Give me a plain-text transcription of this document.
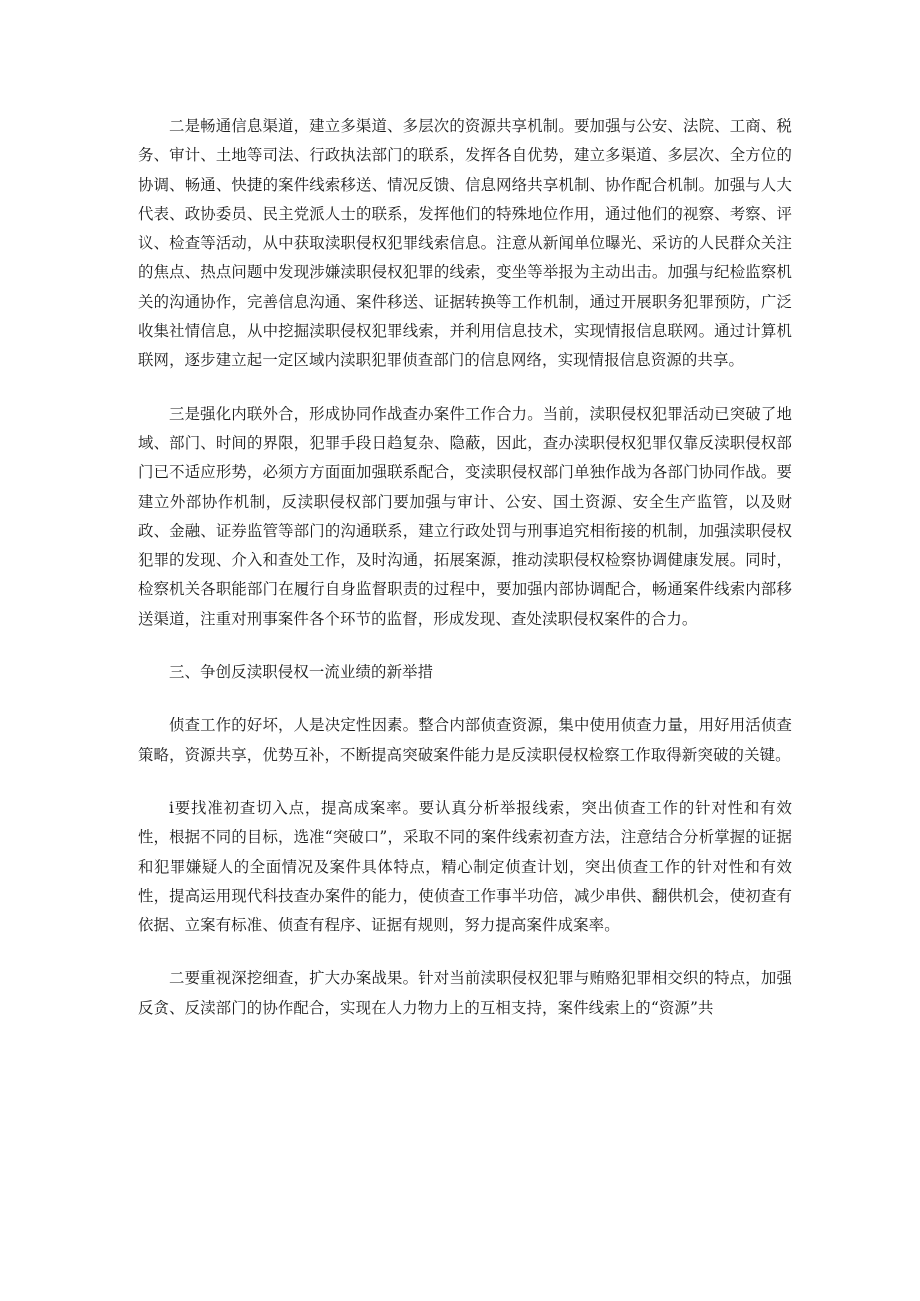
二是畅通信息渠道，建立多渠道、多层次的资源共享机制。要加强与公安、法院、工商、税务、审计、土地等司法、行政执法部门的联系，发挥各自优势，建立多渠道、多层次、全方位的协调、畅通、快捷的案件线索移送、情况反馈、信息网络共享机制、协作配合机制。加强与人大代表、政协委员、民主党派人士的联系，发挥他们的特殊地位作用，通过他们的视察、考察、评议、检查等活动，从中获取渎职侵权犯罪线索信息。注意从新闻单位曝光、采访的人民群众关注的焦点、热点问题中发现涉嫌渎职侵权犯罪的线索，变坐等举报为主动出击。加强与纪检监察机关的沟通协作，完善信息沟通、案件移送、证据转换等工作机制，通过开展职务犯罪预防，广泛收集社情信息，从中挖掘渎职侵权犯罪线索，并利用信息技术，实现情报信息联网。通过计算机联网，逐步建立起一定区域内渎职犯罪侦查部门的信息网络，实现情报信息资源的共享。

三是强化内联外合，形成协同作战查办案件工作合力。当前，渎职侵权犯罪活动已突破了地域、部门、时间的界限，犯罪手段日趋复杂、隐蔽，因此，查办渎职侵权犯罪仅靠反渎职侵权部门已不适应形势，必须方方面面加强联系配合，变渎职侵权部门单独作战为各部门协同作战。要建立外部协作机制，反渎职侵权部门要加强与审计、公安、国土资源、安全生产监管，以及财政、金融、证券监管等部门的沟通联系，建立行政处罚与刑事追究相衔接的机制，加强渎职侵权犯罪的发现、介入和查处工作，及时沟通，拓展案源，推动渎职侵权检察协调健康发展。同时，检察机关各职能部门在履行自身监督职责的过程中，要加强内部协调配合，畅通案件线索内部移送渠道，注重对刑事案件各个环节的监督，形成发现、查处渎职侵权案件的合力。

三、争创反渎职侵权一流业绩的新举措

侦查工作的好坏，人是决定性因素。整合内部侦查资源，集中使用侦查力量，用好用活侦查策略，资源共享，优势互补，不断提高突破案件能力是反渎职侵权检察工作取得新突破的关键。

i要找准初查切入点，提高成案率。要认真分析举报线索，突出侦查工作的针对性和有效性，根据不同的目标，选准“突破口”，采取不同的案件线索初查方法，注意结合分析掌握的证据和犯罪嫌疑人的全面情况及案件具体特点，精心制定侦查计划，突出侦查工作的针对性和有效性，提高运用现代科技查办案件的能力，使侦查工作事半功倍，减少串供、翻供机会，使初查有依据、立案有标准、侦查有程序、证据有规则，努力提高案件成案率。

二要重视深挖细查，扩大办案战果。针对当前渎职侵权犯罪与贿赂犯罪相交织的特点，加强反贪、反渎部门的协作配合，实现在人力物力上的互相支持，案件线索上的“资源”共
